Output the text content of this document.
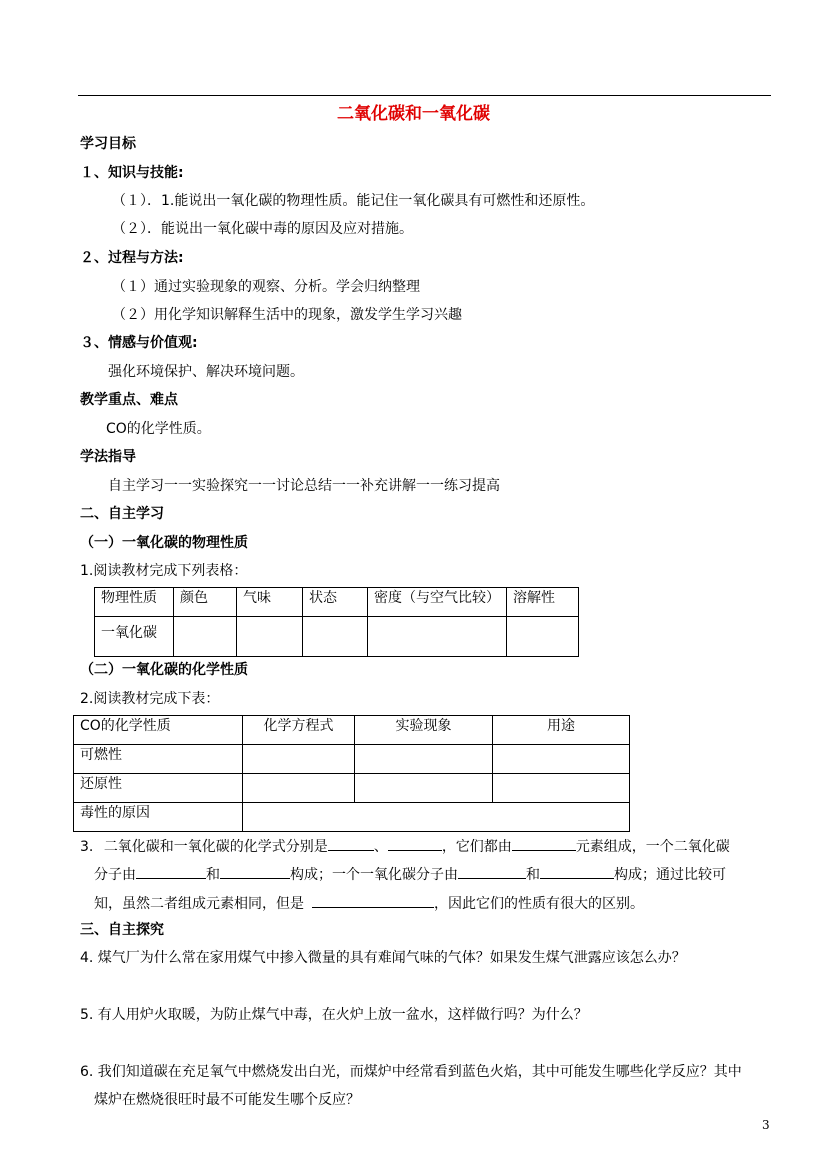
二氧化碳和一氧化碳
学习目标
１、知识与技能:
（１）．1.能说出一氧化碳的物理性质。能记住一氧化碳具有可燃性和还原性。
（２）．能说出一氧化碳中毒的原因及应对措施。
２、过程与方法:
（１）通过实验现象的观察、分析。学会归纳整理
（２）用化学知识解释生活中的现象，激发学生学习兴趣
３、情感与价值观:
强化环境保护、解决环境问题。
教学重点、难点
CO的化学性质。
学法指导
自主学习一一实验探究一一讨论总结一一补充讲解一一练习提高
二、自主学习
（一）一氧化碳的物理性质
1.阅读教材完成下列表格：
物理性质	颜色	气味	状态	密度（与空气比较）	溶解性
一氧化碳					
（二）一氧化碳的化学性质
2.阅读教材完成下表：
CO的化学性质	化学方程式	实验现象	用途
可燃性			
还原性			
毒性的原因			
3. 二氧化碳和一氧化碳的化学式分别是	、	，它们都由	元素组成，一个二氧化碳
分子由	和	构成；一个一氧化碳分子由	和	构成；通过比较可
知，虽然二者组成元素相同，但是	，因此它们的性质有很大的区别。
三、自主探究
4. 煤气厂为什么常在家用煤气中掺入微量的具有难闻气味的气体？如果发生煤气泄露应该怎么办？
5. 有人用炉火取暖，为防止煤气中毒，在火炉上放一盆水，这样做行吗？为什么？
6. 我们知道碳在充足氧气中燃烧发出白光，而煤炉中经常看到蓝色火焰，其中可能发生哪些化学反应？其中
煤炉在燃烧很旺时最不可能发生哪个反应？
3
